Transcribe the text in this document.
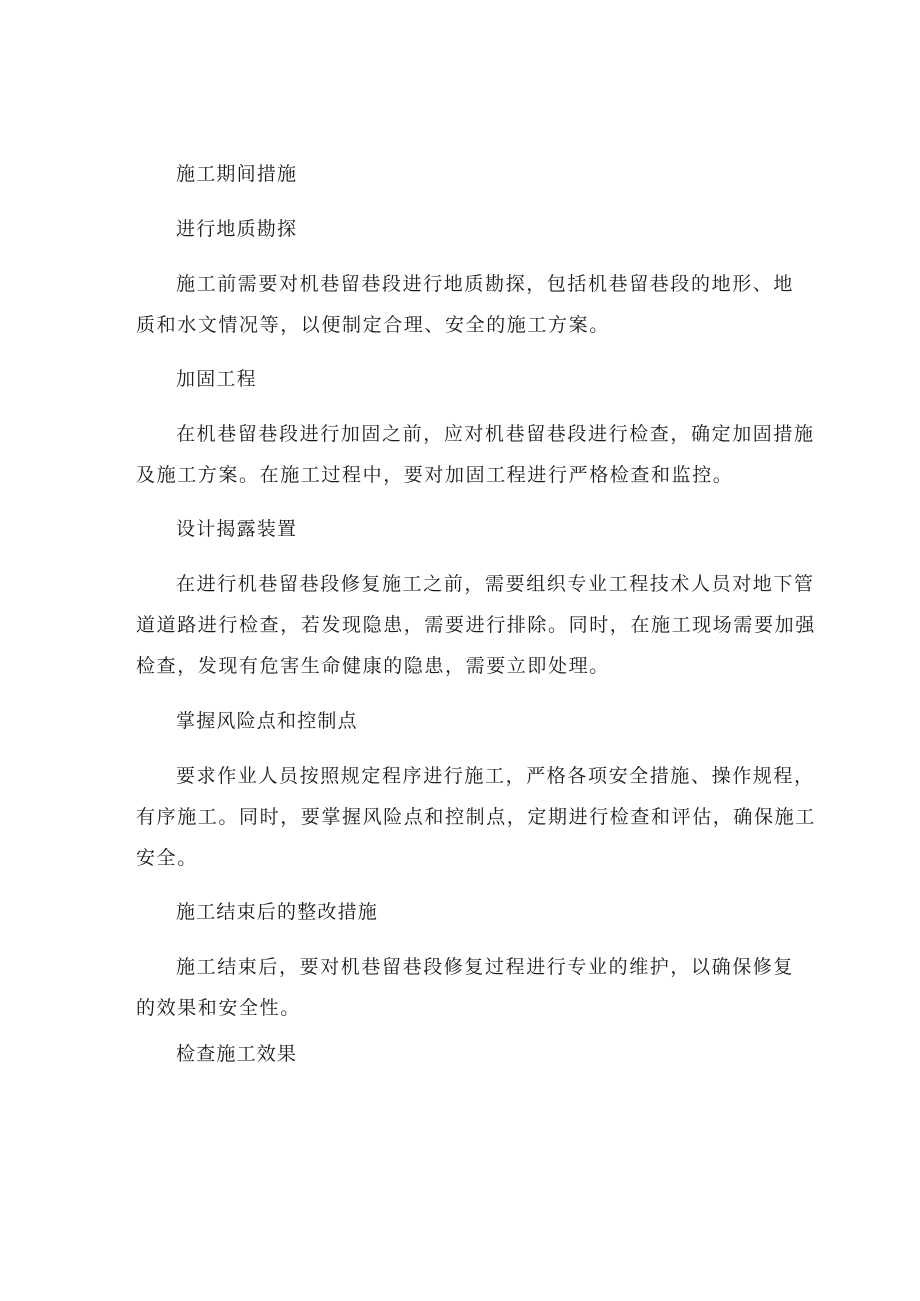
施工期间措施
进行地质勘探
施工前需要对机巷留巷段进行地质勘探，包括机巷留巷段的地形、地
质和水文情况等，以便制定合理、安全的施工方案。
加固工程
在机巷留巷段进行加固之前，应对机巷留巷段进行检查，确定加固措施
及施工方案。在施工过程中，要对加固工程进行严格检查和监控。
设计揭露装置
在进行机巷留巷段修复施工之前，需要组织专业工程技术人员对地下管
道道路进行检查，若发现隐患，需要进行排除。同时，在施工现场需要加强
检查，发现有危害生命健康的隐患，需要立即处理。
掌握风险点和控制点
要求作业人员按照规定程序进行施工，严格各项安全措施、操作规程，
有序施工。同时，要掌握风险点和控制点，定期进行检查和评估，确保施工
安全。
施工结束后的整改措施
施工结束后，要对机巷留巷段修复过程进行专业的维护，以确保修复
的效果和安全性。
检查施工效果
